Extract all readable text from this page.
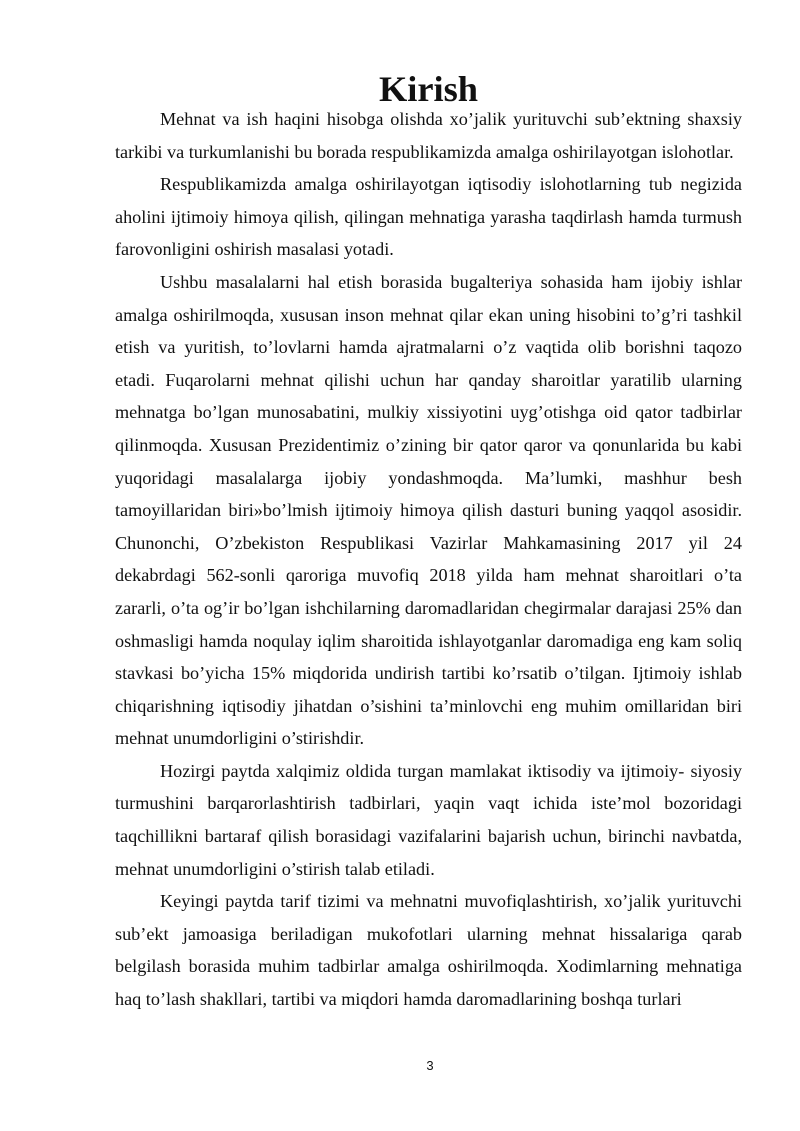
Kirish

Mehnat va ish haqini hisobga olishda xo’jalik yurituvchi sub’ektning shaxsiy tarkibi va turkumlanishi bu borada respublikamizda amalga oshirilayotgan islohotlar.

Respublikamizda amalga oshirilayotgan iqtisodiy islohotlarning tub negizida aholini ijtimoiy himoya qilish, qilingan mehnatiga yarasha taqdirlash hamda turmush farovonligini oshirish masalasi yotadi.

Ushbu masalalarni hal etish borasida bugalteriya sohasida ham ijobiy ishlar amalga oshirilmoqda, xususan inson mehnat qilar ekan uning hisobini to’g’ri tashkil etish va yuritish, to’lovlarni hamda ajratmalarni o’z vaqtida olib borishni taqozo etadi. Fuqarolarni mehnat qilishi uchun har qanday sharoitlar yaratilib ularning mehnatga bo’lgan munosabatini, mulkiy xissiyotini uyg’otishga oid qator tadbirlar qilinmoqda. Xususan Prezidentimiz o’zining bir qator qaror va qonunlarida bu kabi yuqoridagi masalalarga ijobiy yondashmoqda. Ma’lumki, mashhur besh tamoyillaridan biri»bo’lmish ijtimoiy himoya qilish dasturi buning yaqqol asosidir. Chunonchi, O’zbekiston Respublikasi Vazirlar Mahkamasining 2017 yil 24 dekabrdagi 562-sonli qaroriga muvofiq 2018 yilda ham mehnat sharoitlari o’ta zararli, o’ta og’ir bo’lgan ishchilarning daromadlaridan chegirmalar darajasi 25% dan oshmasligi hamda noqulay iqlim sharoitida ishlayotganlar daromadiga eng kam soliq stavkasi bo’yicha 15% miqdorida undirish tartibi ko’rsatib o’tilgan. Ijtimoiy ishlab chiqarishning iqtisodiy jihatdan o’sishini ta’minlovchi eng muhim omillaridan biri mehnat unumdorligini o’stirishdir.

Hozirgi paytda xalqimiz oldida turgan mamlakat iktisodiy va ijtimoiy- siyosiy turmushini barqarorlashtirish tadbirlari, yaqin vaqt ichida iste’mol bozoridagi taqchillikni bartaraf qilish borasidagi vazifalarini bajarish uchun, birinchi navbatda, mehnat unumdorligini o’stirish talab etiladi.

Keyingi paytda tarif tizimi va mehnatni muvofiqlashtirish, xo’jalik yurituvchi sub’ekt jamoasiga beriladigan mukofotlari ularning mehnat hissalariga qarab belgilash borasida muhim tadbirlar amalga oshirilmoqda. Xodimlarning mehnatiga haq to’lash shakllari, tartibi va miqdori hamda daromadlarining boshqa turlari

3
